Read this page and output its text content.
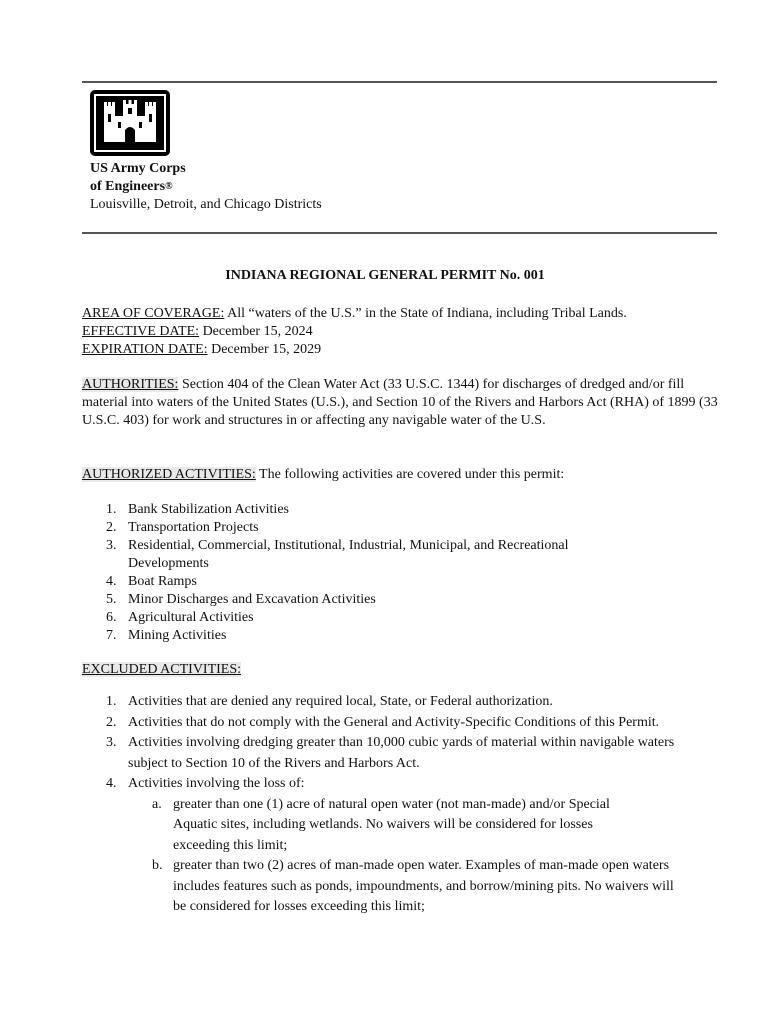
US Army Corps
of Engineers®
Louisville, Detroit, and Chicago Districts
INDIANA REGIONAL GENERAL PERMIT No. 001
AREA OF COVERAGE: All “waters of the U.S.” in the State of Indiana, including Tribal Lands.
EFFECTIVE DATE: December 15, 2024
EXPIRATION DATE: December 15, 2029
AUTHORITIES: Section 404 of the Clean Water Act (33 U.S.C. 1344) for discharges of dredged and/or fill material into waters of the United States (U.S.), and Section 10 of the Rivers and Harbors Act (RHA) of 1899 (33 U.S.C. 403) for work and structures in or affecting any navigable water of the U.S.
AUTHORIZED ACTIVITIES: The following activities are covered under this permit:
1. Bank Stabilization Activities
2. Transportation Projects
3. Residential, Commercial, Institutional, Industrial, Municipal, and Recreational Developments
4. Boat Ramps
5. Minor Discharges and Excavation Activities
6. Agricultural Activities
7. Mining Activities
EXCLUDED ACTIVITIES:
1. Activities that are denied any required local, State, or Federal authorization.
2. Activities that do not comply with the General and Activity-Specific Conditions of this Permit.
3. Activities involving dredging greater than 10,000 cubic yards of material within navigable waters subject to Section 10 of the Rivers and Harbors Act.
4. Activities involving the loss of:
a. greater than one (1) acre of natural open water (not man-made) and/or Special Aquatic sites, including wetlands. No waivers will be considered for losses exceeding this limit;
b. greater than two (2) acres of man-made open water. Examples of man-made open waters includes features such as ponds, impoundments, and borrow/mining pits. No waivers will be considered for losses exceeding this limit;
